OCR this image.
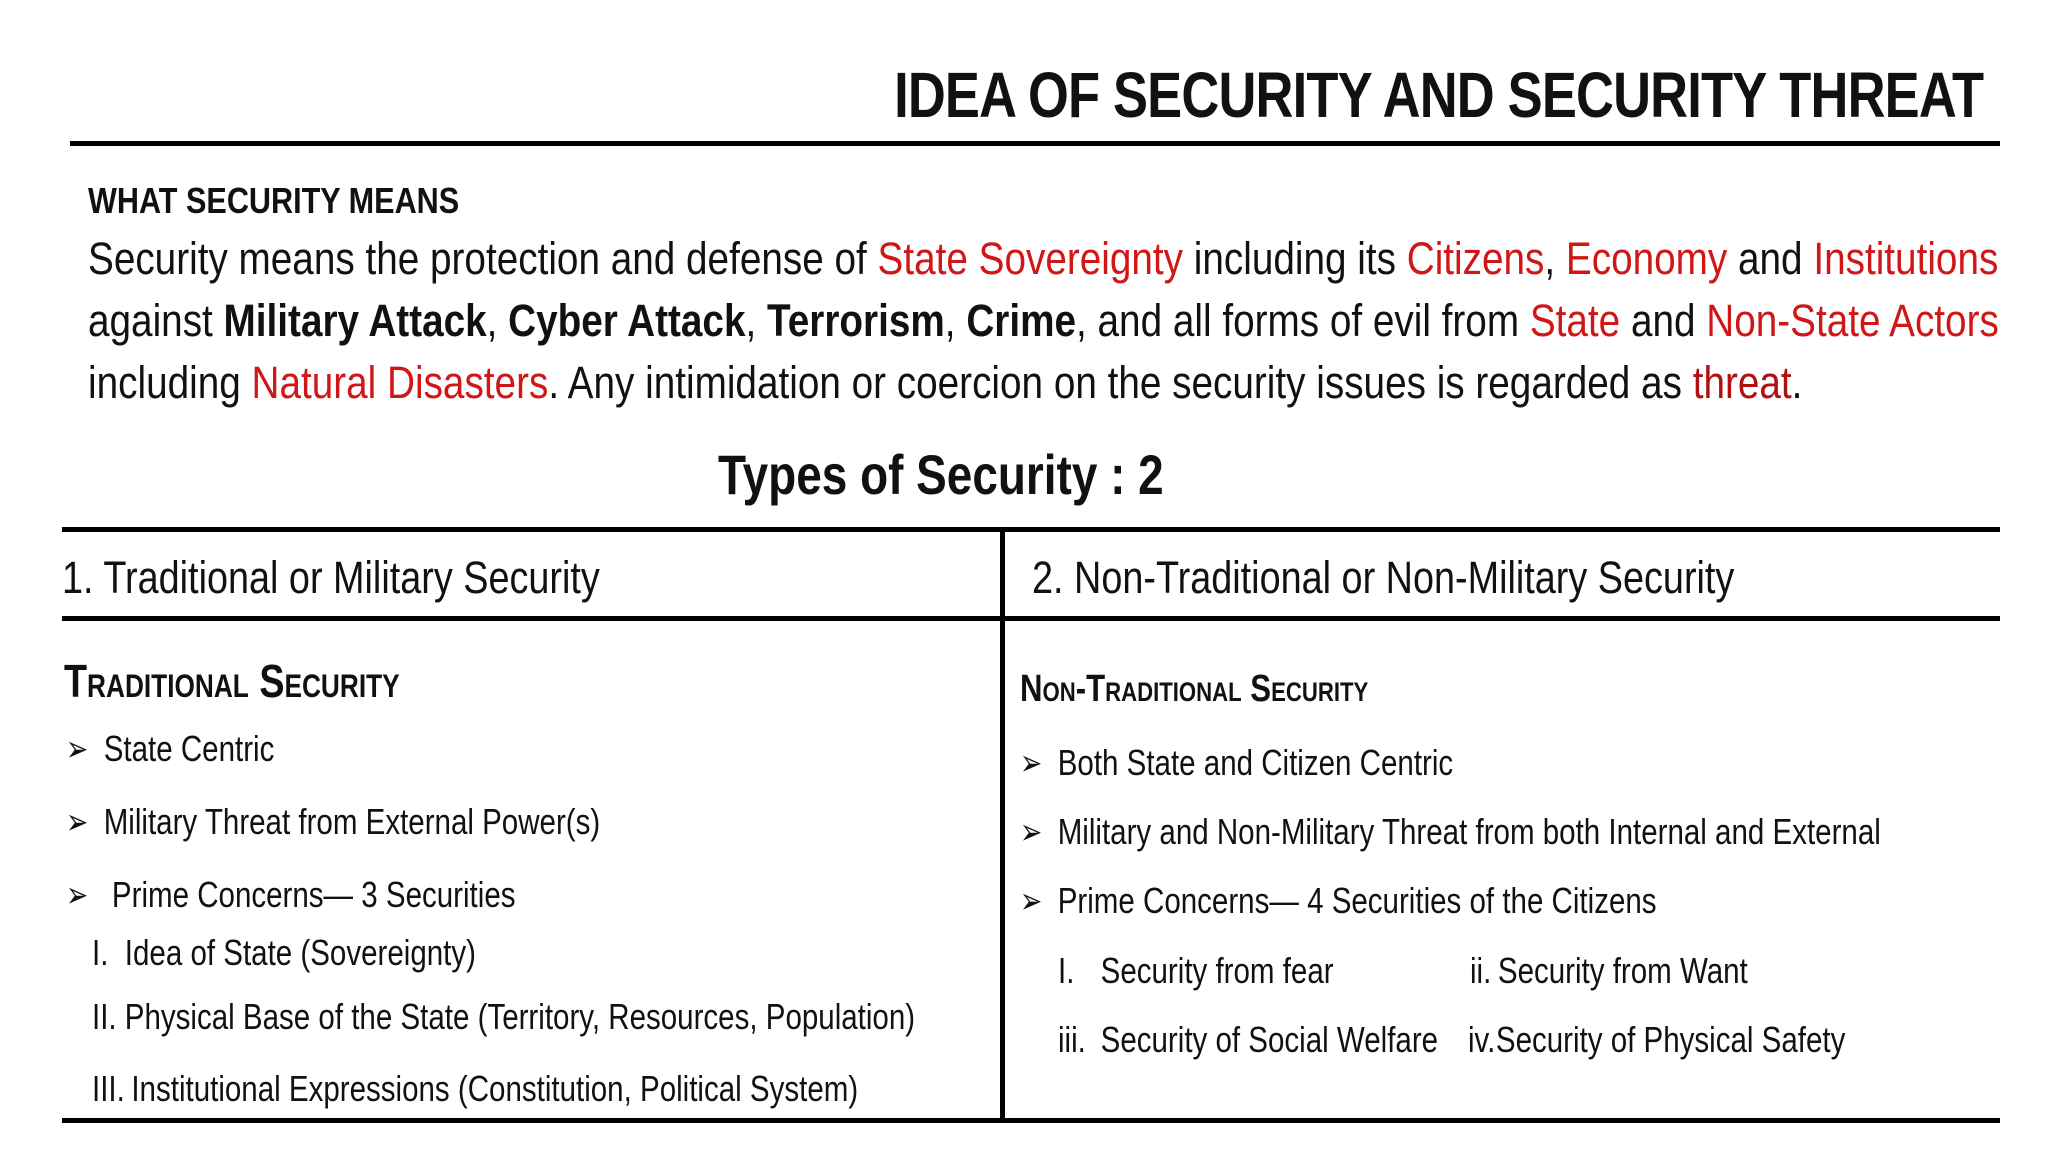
IDEA OF SECURITY AND SECURITY THREAT
WHAT SECURITY MEANS
Security means the protection and defense of State Sovereignty including its Citizens, Economy and Institutions
against Military Attack, Cyber Attack, Terrorism, Crime, and all forms of evil from State and Non-State Actors
including Natural Disasters. Any intimidation or coercion on the security issues is regarded as threat.
Types of Security : 2
1. Traditional or Military Security	2. Non-Traditional or Non-Military Security
Traditional Security
➢ State Centric
➢ Military Threat from External Power(s)
➢ Prime Concerns— 3 Securities
I. Idea of State (Sovereignty)
II. Physical Base of the State (Territory, Resources, Population)
III. Institutional Expressions (Constitution, Political System)
Non-Traditional Security
➢ Both State and Citizen Centric
➢ Military and Non-Military Threat from both Internal and External
➢ Prime Concerns— 4 Securities of the Citizens
I. Security from fear	ii. Security from Want
iii. Security of Social Welfare iv.Security of Physical Safety
